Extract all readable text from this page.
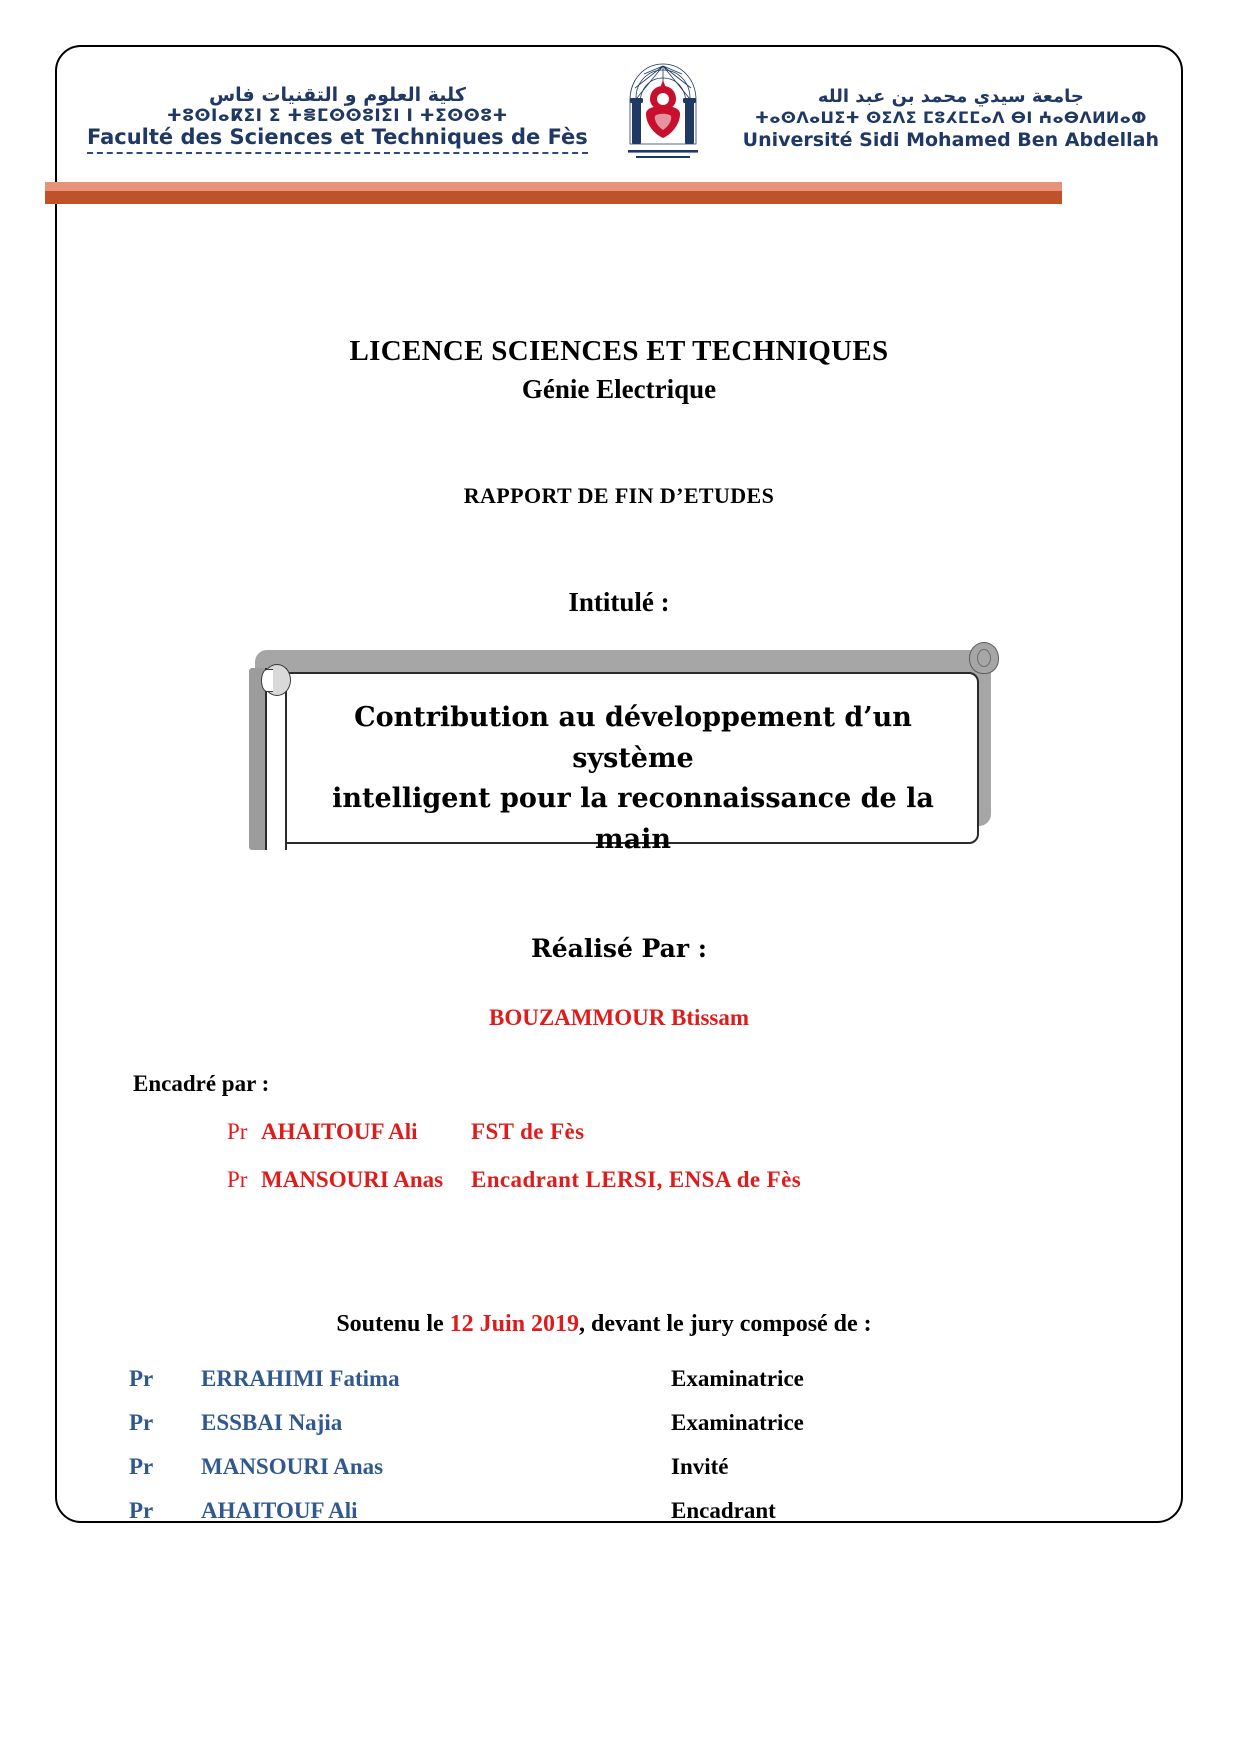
كلية العلوم و التقنيات فاس
ⵜⵓⵙⵏⴰⴽⵉⵏ ⵉ ⵜⴻⵎⵙⵙⵓⵏⵉⵏ ⵏ ⵜⵉⵙⵙⵓⵜ
Faculté des Sciences et Techniques de Fès
جامعة سيدي محمد بن عبد الله
ⵜⴰⵙⴷⴰⵡⵉⵜ ⵙⵉⴷⵉ ⵎⵓⵃⵎⵎⴰⴷ ⴱⵏ ⵄⴰⴱⴷⵍⵍⴰⵀ
Université Sidi Mohamed Ben Abdellah
LICENCE SCIENCES ET TECHNIQUES
Génie Electrique
RAPPORT DE FIN D’ETUDES
Intitulé :
Contribution au développement d’un système
intelligent pour la reconnaissance de la main
Réalisé Par :
BOUZAMMOUR Btissam
Encadré par :
Pr AHAITOUF Ali	FST de Fès
Pr MANSOURI Anas	Encadrant LERSI, ENSA de Fès
Soutenu le 12 Juin 2019, devant le jury composé de :
Pr	ERRAHIMI Fatima	Examinatrice
Pr	ESSBAI Najia	Examinatrice
Pr	MANSOURI Anas	Invité
Pr	AHAITOUF Ali	Encadrant
